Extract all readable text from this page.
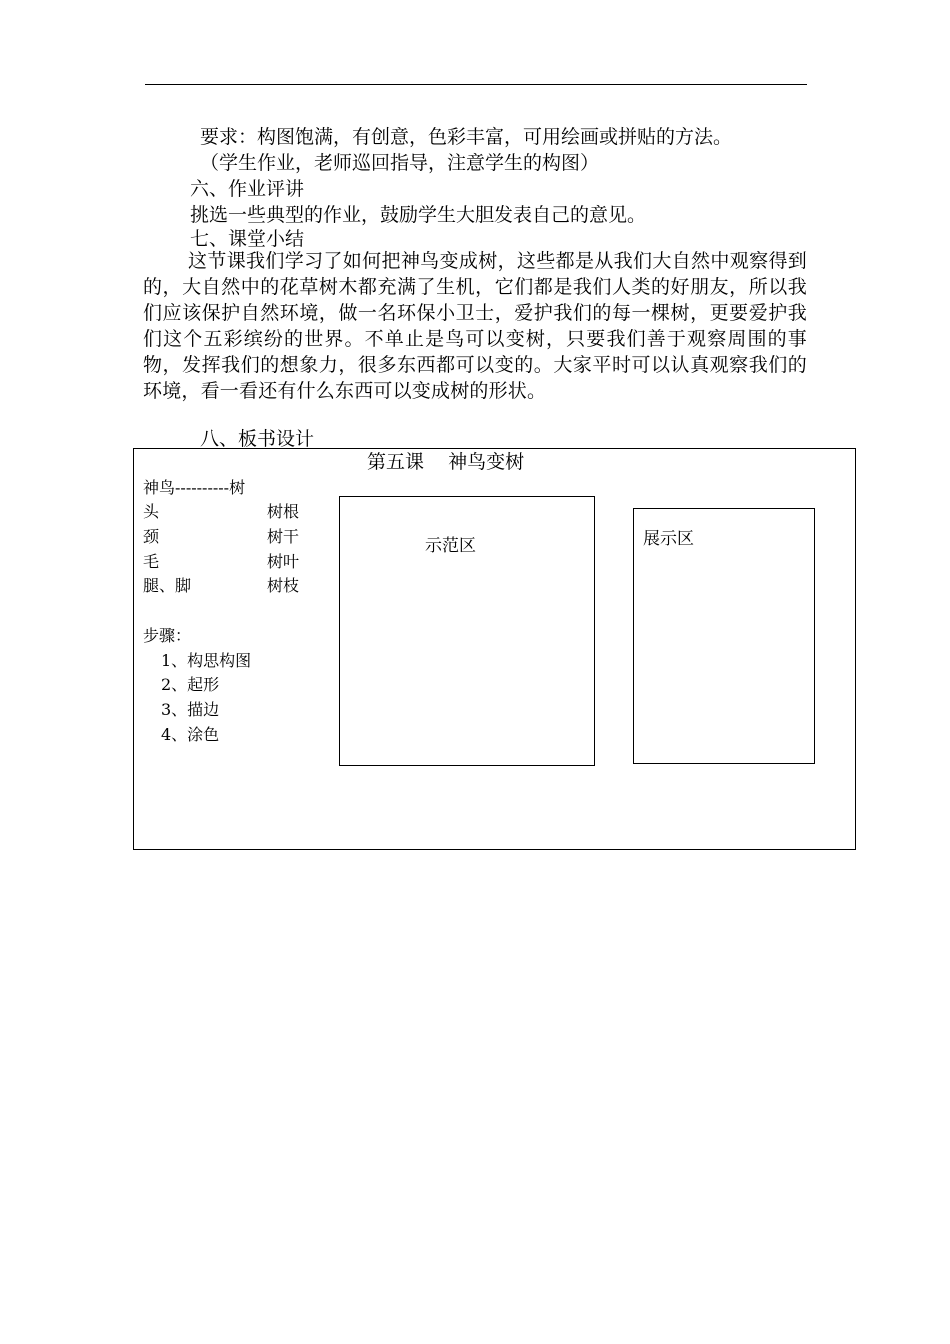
要求：构图饱满，有创意，色彩丰富，可用绘画或拼贴的方法。
（学生作业，老师巡回指导，注意学生的构图）
六、作业评讲
挑选一些典型的作业，鼓励学生大胆发表自己的意见。
七、课堂小结
这节课我们学习了如何把神鸟变成树，这些都是从我们大自然中观察得到的，大自然中的花草树木都充满了生机，它们都是我们人类的好朋友，所以我们应该保护自然环境，做一名环保小卫士，爱护我们的每一棵树，更要爱护我们这个五彩缤纷的世界。不单止是鸟可以变树，只要我们善于观察周围的事物，发挥我们的想象力，很多东西都可以变的。大家平时可以认真观察我们的环境，看一看还有什么东西可以变成树的形状。
八、板书设计
第五课    神鸟变树
神鸟----------树
头	树根
颈	树干
毛	树叶
腿、脚	树枝
步骤：
1、构思构图
2、起形
3、描边
4、涂色
示范区	展示区
